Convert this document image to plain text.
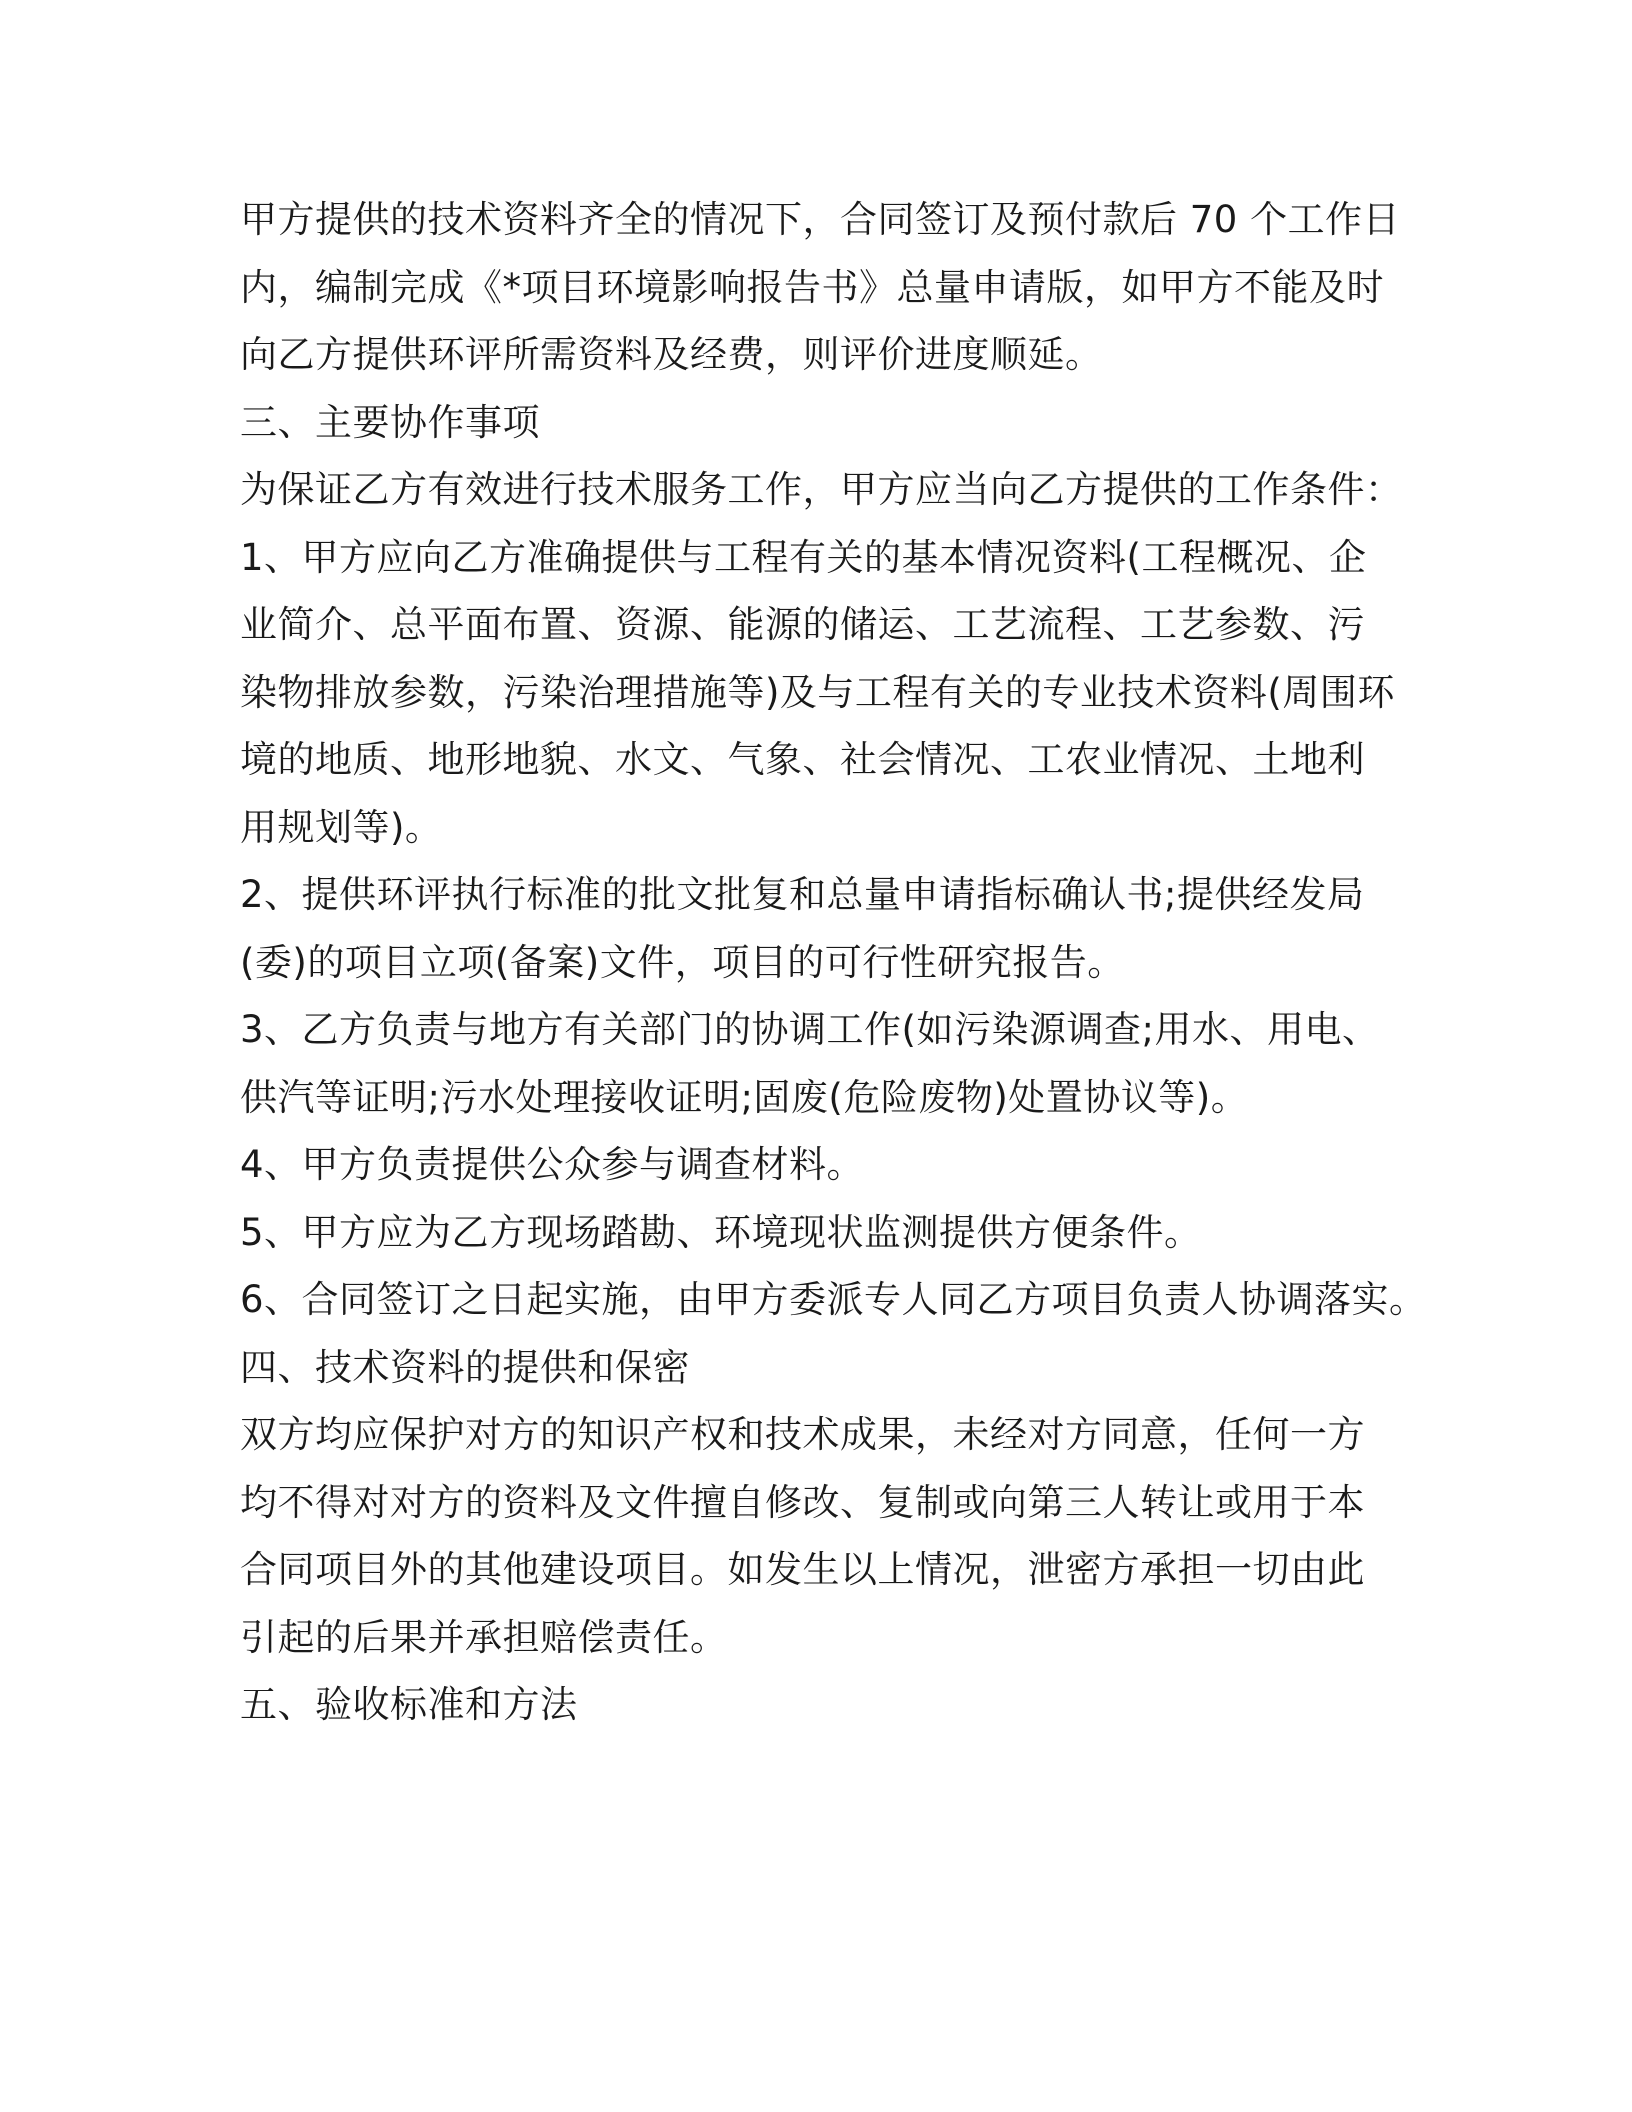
甲方提供的技术资料齐全的情况下，合同签订及预付款后 70 个工作日
内，编制完成《*项目环境影响报告书》总量申请版，如甲方不能及时
向乙方提供环评所需资料及经费，则评价进度顺延。
三、主要协作事项
为保证乙方有效进行技术服务工作，甲方应当向乙方提供的工作条件：
1、甲方应向乙方准确提供与工程有关的基本情况资料(工程概况、企
业简介、总平面布置、资源、能源的储运、工艺流程、工艺参数、污
染物排放参数，污染治理措施等)及与工程有关的专业技术资料(周围环
境的地质、地形地貌、水文、气象、社会情况、工农业情况、土地利
用规划等)。
2、提供环评执行标准的批文批复和总量申请指标确认书;提供经发局
(委)的项目立项(备案)文件，项目的可行性研究报告。
3、乙方负责与地方有关部门的协调工作(如污染源调查;用水、用电、
供汽等证明;污水处理接收证明;固废(危险废物)处置协议等)。
4、甲方负责提供公众参与调查材料。
5、甲方应为乙方现场踏勘、环境现状监测提供方便条件。
6、合同签订之日起实施，由甲方委派专人同乙方项目负责人协调落实。
四、技术资料的提供和保密
双方均应保护对方的知识产权和技术成果，未经对方同意，任何一方
均不得对对方的资料及文件擅自修改、复制或向第三人转让或用于本
合同项目外的其他建设项目。如发生以上情况，泄密方承担一切由此
引起的后果并承担赔偿责任。
五、验收标准和方法
